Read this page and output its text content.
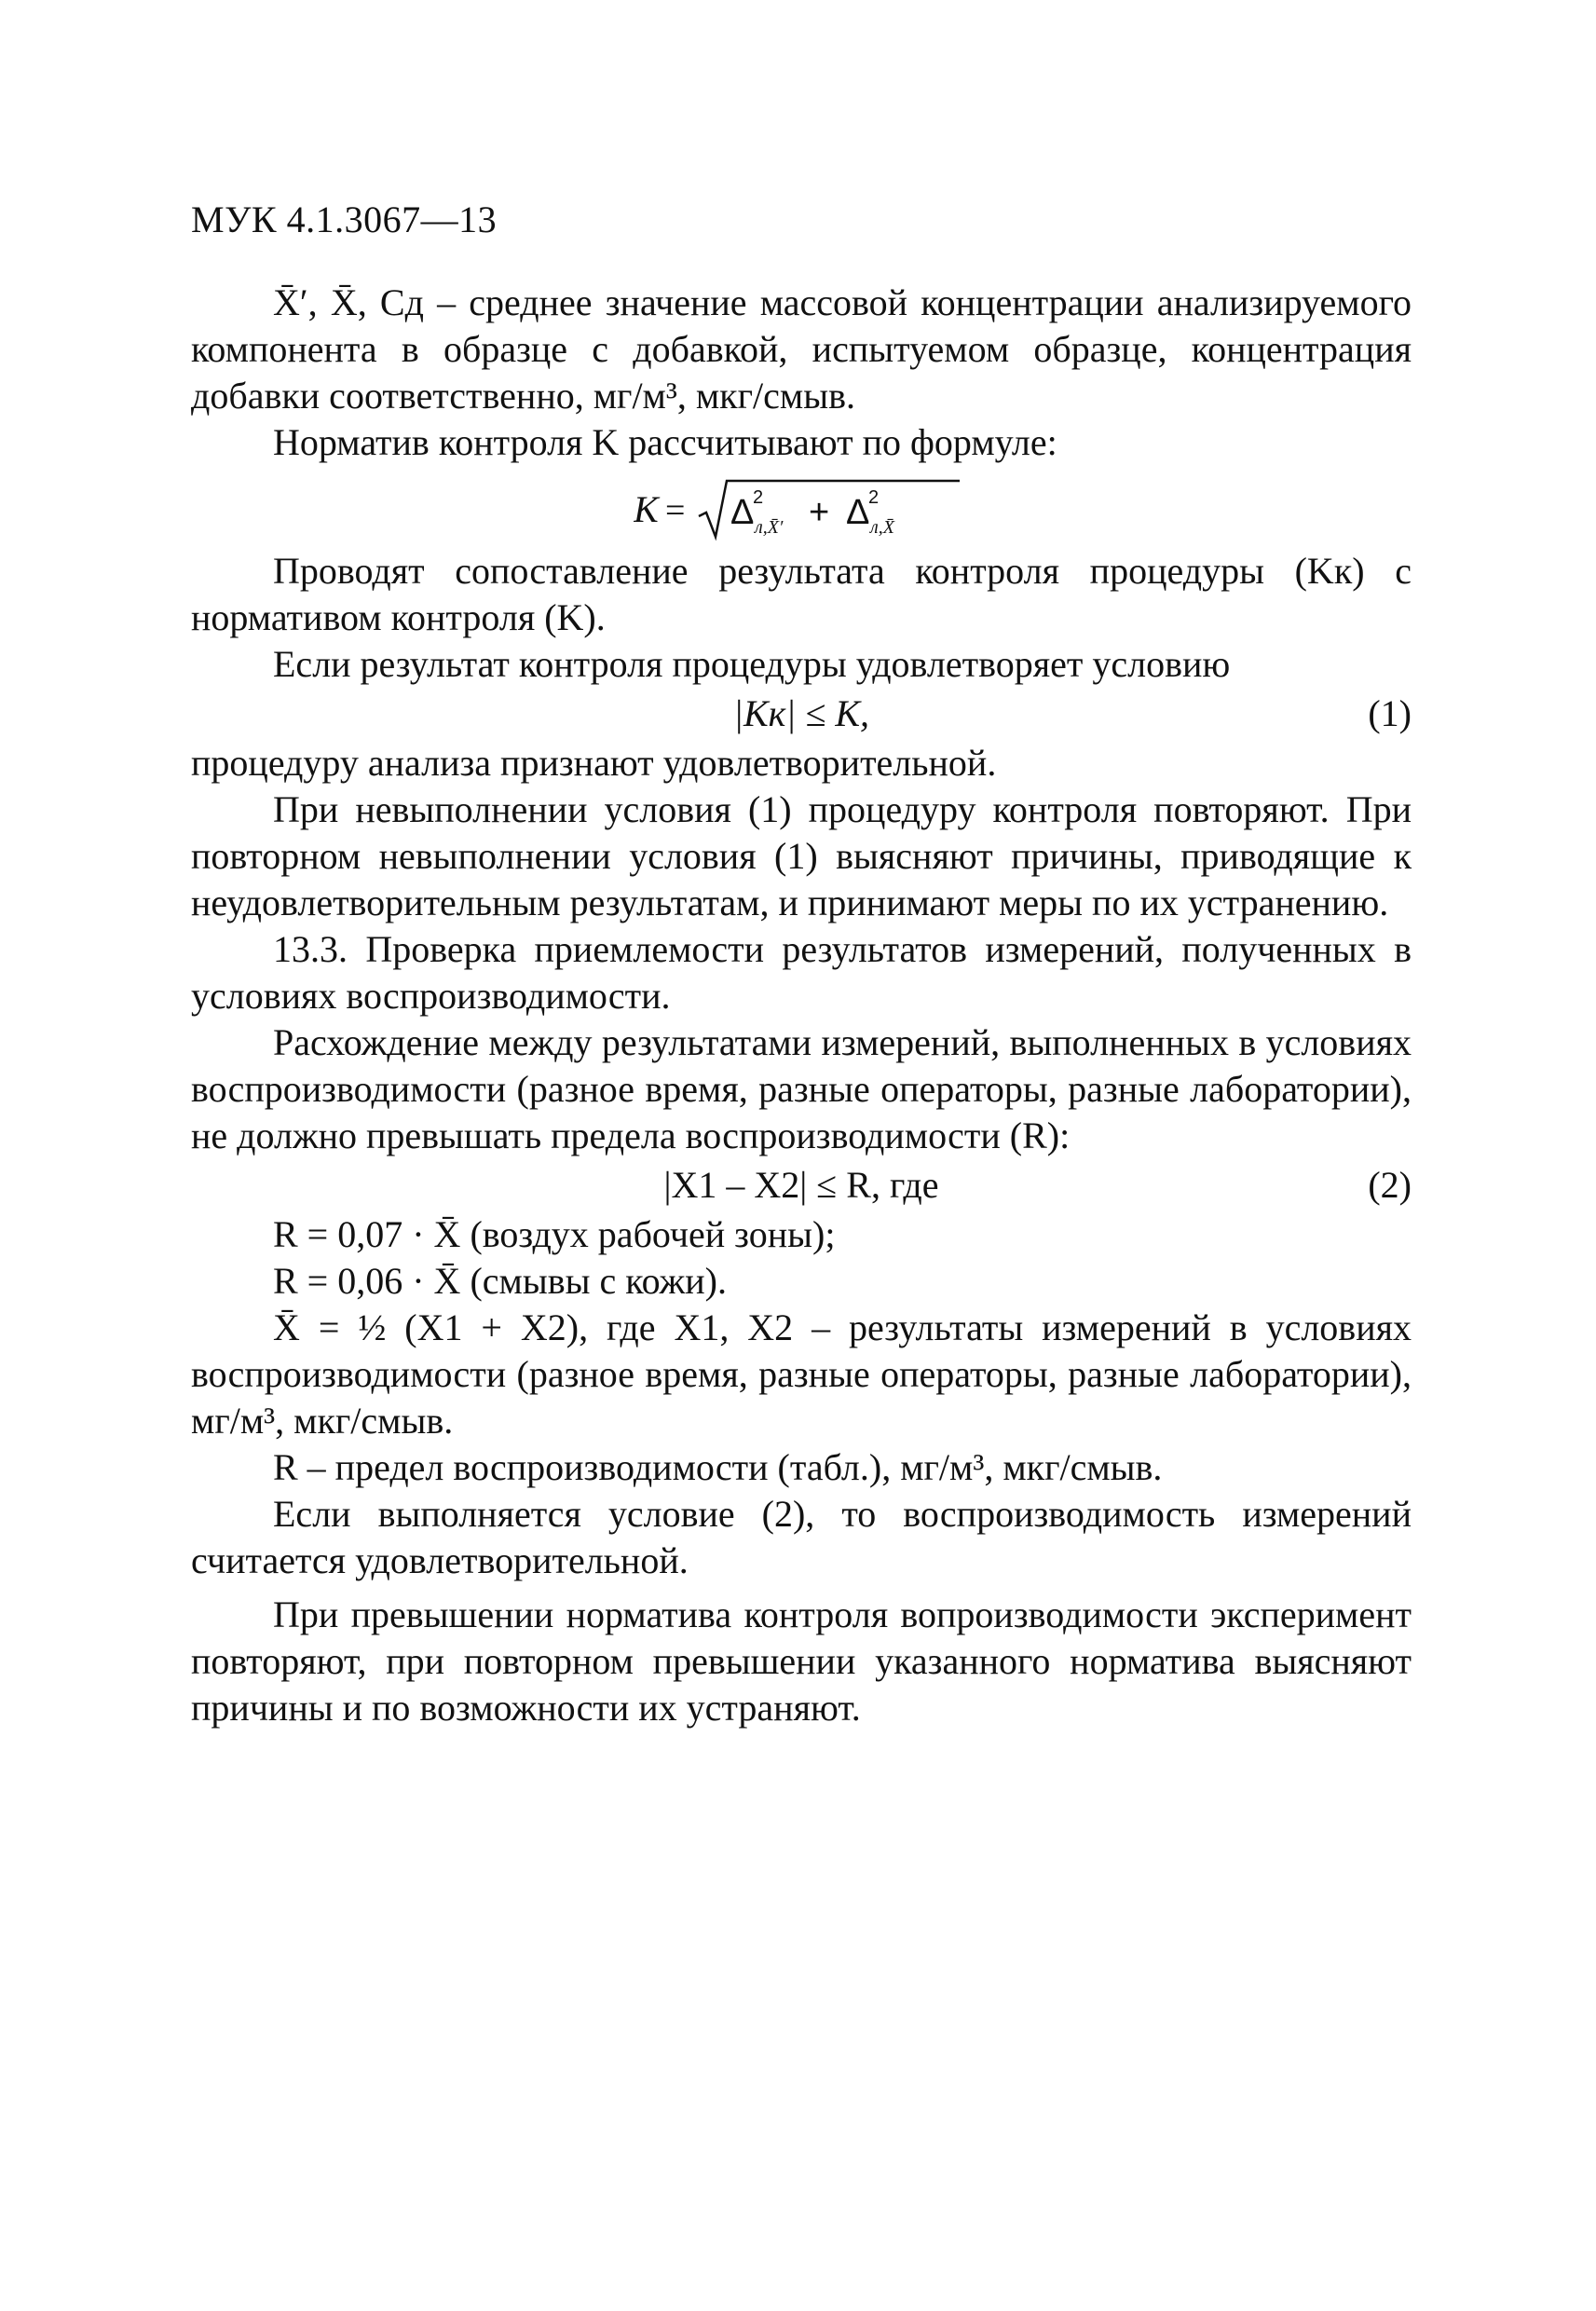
МУК 4.1.3067—13

X̄′, X̄, Cд – среднее значение массовой концентрации анализируемого компонента в образце с добавкой, испытуемом образце, концентрация добавки соответственно, мг/м³, мкг/смыв.

Норматив контроля K рассчитывают по формуле:

K = Δ
2
л,X̄′ + Δ
2
л,X̄

Проводят сопоставление результата контроля процедуры (Kк) с нормативом контроля (K).

Если результат контроля процедуры удовлетворяет условию

|Kк| ≤ K,	(1)

процедуру анализа признают удовлетворительной.

При невыполнении условия (1) процедуру контроля повторяют. При повторном невыполнении условия (1) выясняют причины, приводящие к неудовлетворительным результатам, и принимают меры по их устранению.

13.3. Проверка приемлемости результатов измерений, полученных в условиях воспроизводимости.

Расхождение между результатами измерений, выполненных в условиях воспроизводимости (разное время, разные операторы, разные лаборатории), не должно превышать предела воспроизводимости (R):

|X1 – X2| ≤ R, где	(2)

R = 0,07 · X̄ (воздух рабочей зоны);

R = 0,06 · X̄ (смывы с кожи).

X̄ = ½ (X1 + X2), где X1, X2 – результаты измерений в условиях воспроизводимости (разное время, разные операторы, разные лаборатории), мг/м³, мкг/смыв.

R – предел воспроизводимости (табл.), мг/м³, мкг/смыв.

Если выполняется условие (2), то воспроизводимость измерений считается удовлетворительной.

При превышении норматива контроля вопроизводимости эксперимент повторяют, при повторном превышении указанного норматива выясняют причины и по возможности их устраняют.
